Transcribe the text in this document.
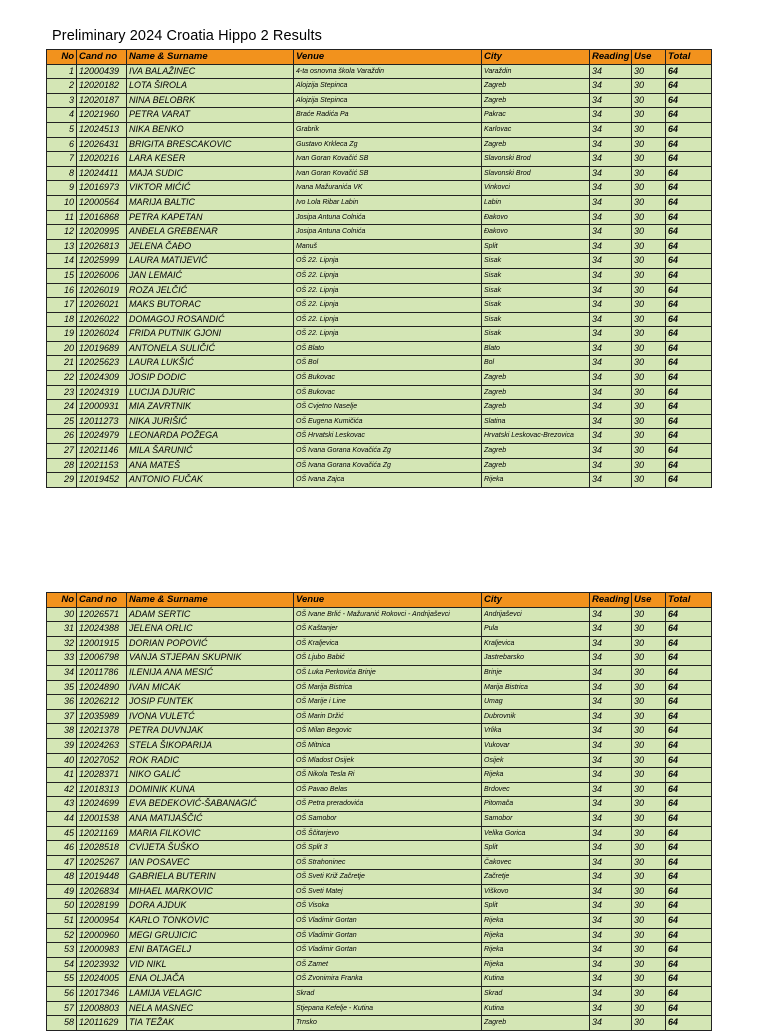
Preliminary 2024 Croatia Hippo 2 Results
No	Cand no	Name & Surname	Venue	City	Reading	Use	Total
1	12000439	IVA BALAŽINEC	4-ta osnovna škola Varaždin	Varaždin	34	30	64
2	12020182	LOTA ŠIROLA	Alojzija Stepinca	Zagreb	34	30	64
3	12020187	NINA BELOBRK	Alojzija Stepinca	Zagreb	34	30	64
4	12021960	PETRA VARAT	Braće Radića Pa	Pakrac	34	30	64
5	12024513	NIKA BENKO	Grabrik	Karlovac	34	30	64
6	12026431	BRIGITA BRESCAKOVIC	Gustavo Krkleca Zg	Zagreb	34	30	64
7	12020216	LARA KESER	Ivan Goran Kovačić SB	Slavonski Brod	34	30	64
8	12024411	MAJA SUDIC	Ivan Goran Kovačić SB	Slavonski Brod	34	30	64
9	12016973	VIKTOR MIĆIĆ	Ivana Mažuranića VK	Vinkovci	34	30	64
10	12000564	MARIJA BALTIC	Ivo Lola Ribar Labin	Labin	34	30	64
11	12016868	PETRA KAPETAN	Josipa Antuna Colnića	Đakovo	34	30	64
12	12020995	ANĐELA GREBENAR	Josipa Antuna Colnića	Đakovo	34	30	64
13	12026813	JELENA ČAĐO	Manuš	Split	34	30	64
14	12025999	LAURA MATIJEVIĆ	OŠ 22. Lipnja	Sisak	34	30	64
15	12026006	JAN LEMAIĆ	OŠ 22. Lipnja	Sisak	34	30	64
16	12026019	ROZA JELČIĆ	OŠ 22. Lipnja	Sisak	34	30	64
17	12026021	MAKS BUTORAC	OŠ 22. Lipnja	Sisak	34	30	64
18	12026022	DOMAGOJ ROSANDIĆ	OŠ 22. Lipnja	Sisak	34	30	64
19	12026024	FRIDA PUTNIK GJONI	OŠ 22. Lipnja	Sisak	34	30	64
20	12019689	ANTONELA SULIČIĆ	OŠ Blato	Blato	34	30	64
21	12025623	LAURA LUKŠIĆ	OŠ Bol	Bol	34	30	64
22	12024309	JOSIP DODIC	OŠ Bukovac	Zagreb	34	30	64
23	12024319	LUCIJA DJURIC	OŠ Bukovac	Zagreb	34	30	64
24	12000931	MIA ZAVRTNIK	OŠ Cvjetno Naselje	Zagreb	34	30	64
25	12011273	NIKA JURIŠIĆ	OŠ Eugena Kumičića	Slatina	34	30	64
26	12024979	LEONARDA POŽEGA	OŠ Hrvatski Leskovac	Hrvatski Leskovac-Brezovica	34	30	64
27	12021146	MILA ŠARUNIĆ	OŠ Ivana Gorana Kovačića Zg	Zagreb	34	30	64
28	12021153	ANA MATEŠ	OŠ Ivana Gorana Kovačića Zg	Zagreb	34	30	64
29	12019452	ANTONIO FUČAK	OŠ Ivana Zajca	Rijeka	34	30	64
No	Cand no	Name & Surname	Venue	City	Reading	Use	Total
30	12026571	ADAM SERTIC	OŠ Ivane Brlić - Mažuranić Rokovci - Andrijaševci	Andrijaševci	34	30	64
31	12024388	JELENA ORLIC	OŠ Kaštanjer	Pula	34	30	64
32	12001915	DORIAN POPOVIĆ	OŠ Kraljevica	Kraljevica	34	30	64
33	12006798	VANJA STJEPAN SKUPNIK	OŠ Ljubo Babić	Jastrebarsko	34	30	64
34	12011786	ILENIJA ANA MESIĆ	OŠ Luka Perkovića Brinje	Brinje	34	30	64
35	12024890	IVAN MICAK	OŠ Marija Bistrica	Marija Bistrica	34	30	64
36	12026212	JOSIP FUNTEK	OŠ Marije i Line	Umag	34	30	64
37	12035989	IVONA VULETĆ	OŠ Marin Držić	Dubrovnik	34	30	64
38	12021378	PETRA DUVNJAK	OŠ Milan Begovic	Vrlika	34	30	64
39	12024263	STELA ŠIKOPARIJA	OŠ Mitnica	Vukovar	34	30	64
40	12027052	ROK RADIC	OŠ Mladost Osijek	Osijek	34	30	64
41	12028371	NIKO GALIĆ	OŠ Nikola Tesla Ri	Rijeka	34	30	64
42	12018313	DOMINIK KUNA	OŠ Pavao Belas	Brdovec	34	30	64
43	12024699	EVA BEDEKOVIĆ-ŠABANAGIĆ	OŠ Petra preradovića	Pitomača	34	30	64
44	12001538	ANA MATIJAŠČIĆ	OŠ Samobor	Samobor	34	30	64
45	12021169	MARIA FILKOVIC	OŠ Ščitarjevo	Velika Gorica	34	30	64
46	12028518	CVIJETA ŠUŠKO	OŠ Split 3	Split	34	30	64
47	12025267	IAN POSAVEC	OŠ Strahoninec	Čakovec	34	30	64
48	12019448	GABRIELA BUTERIN	OŠ Sveti Križ Začretje	Začretje	34	30	64
49	12026834	MIHAEL MARKOVIC	OŠ Sveti Matej	Viškovo	34	30	64
50	12028199	DORA AJDUK	OŠ Visoka	Split	34	30	64
51	12000954	KARLO TONKOVIC	OŠ Vladimir Gortan	Rijeka	34	30	64
52	12000960	MEGI GRUJICIC	OŠ Vladimir Gortan	Rijeka	34	30	64
53	12000983	ENI BATAGELJ	OŠ Vladimir Gortan	Rijeka	34	30	64
54	12023932	VID NIKL	OŠ Zamet	Rijeka	34	30	64
55	12024005	ENA OLJAČA	OŠ Zvonimira Franka	Kutina	34	30	64
56	12017346	LAMIJA VELAGIC	Skrad	Skrad	34	30	64
57	12008803	NELA MASNEC	Stjepana Kefelje - Kutina	Kutina	34	30	64
58	12011629	TIA TEŽAK	Trnsko	Zagreb	34	30	64
